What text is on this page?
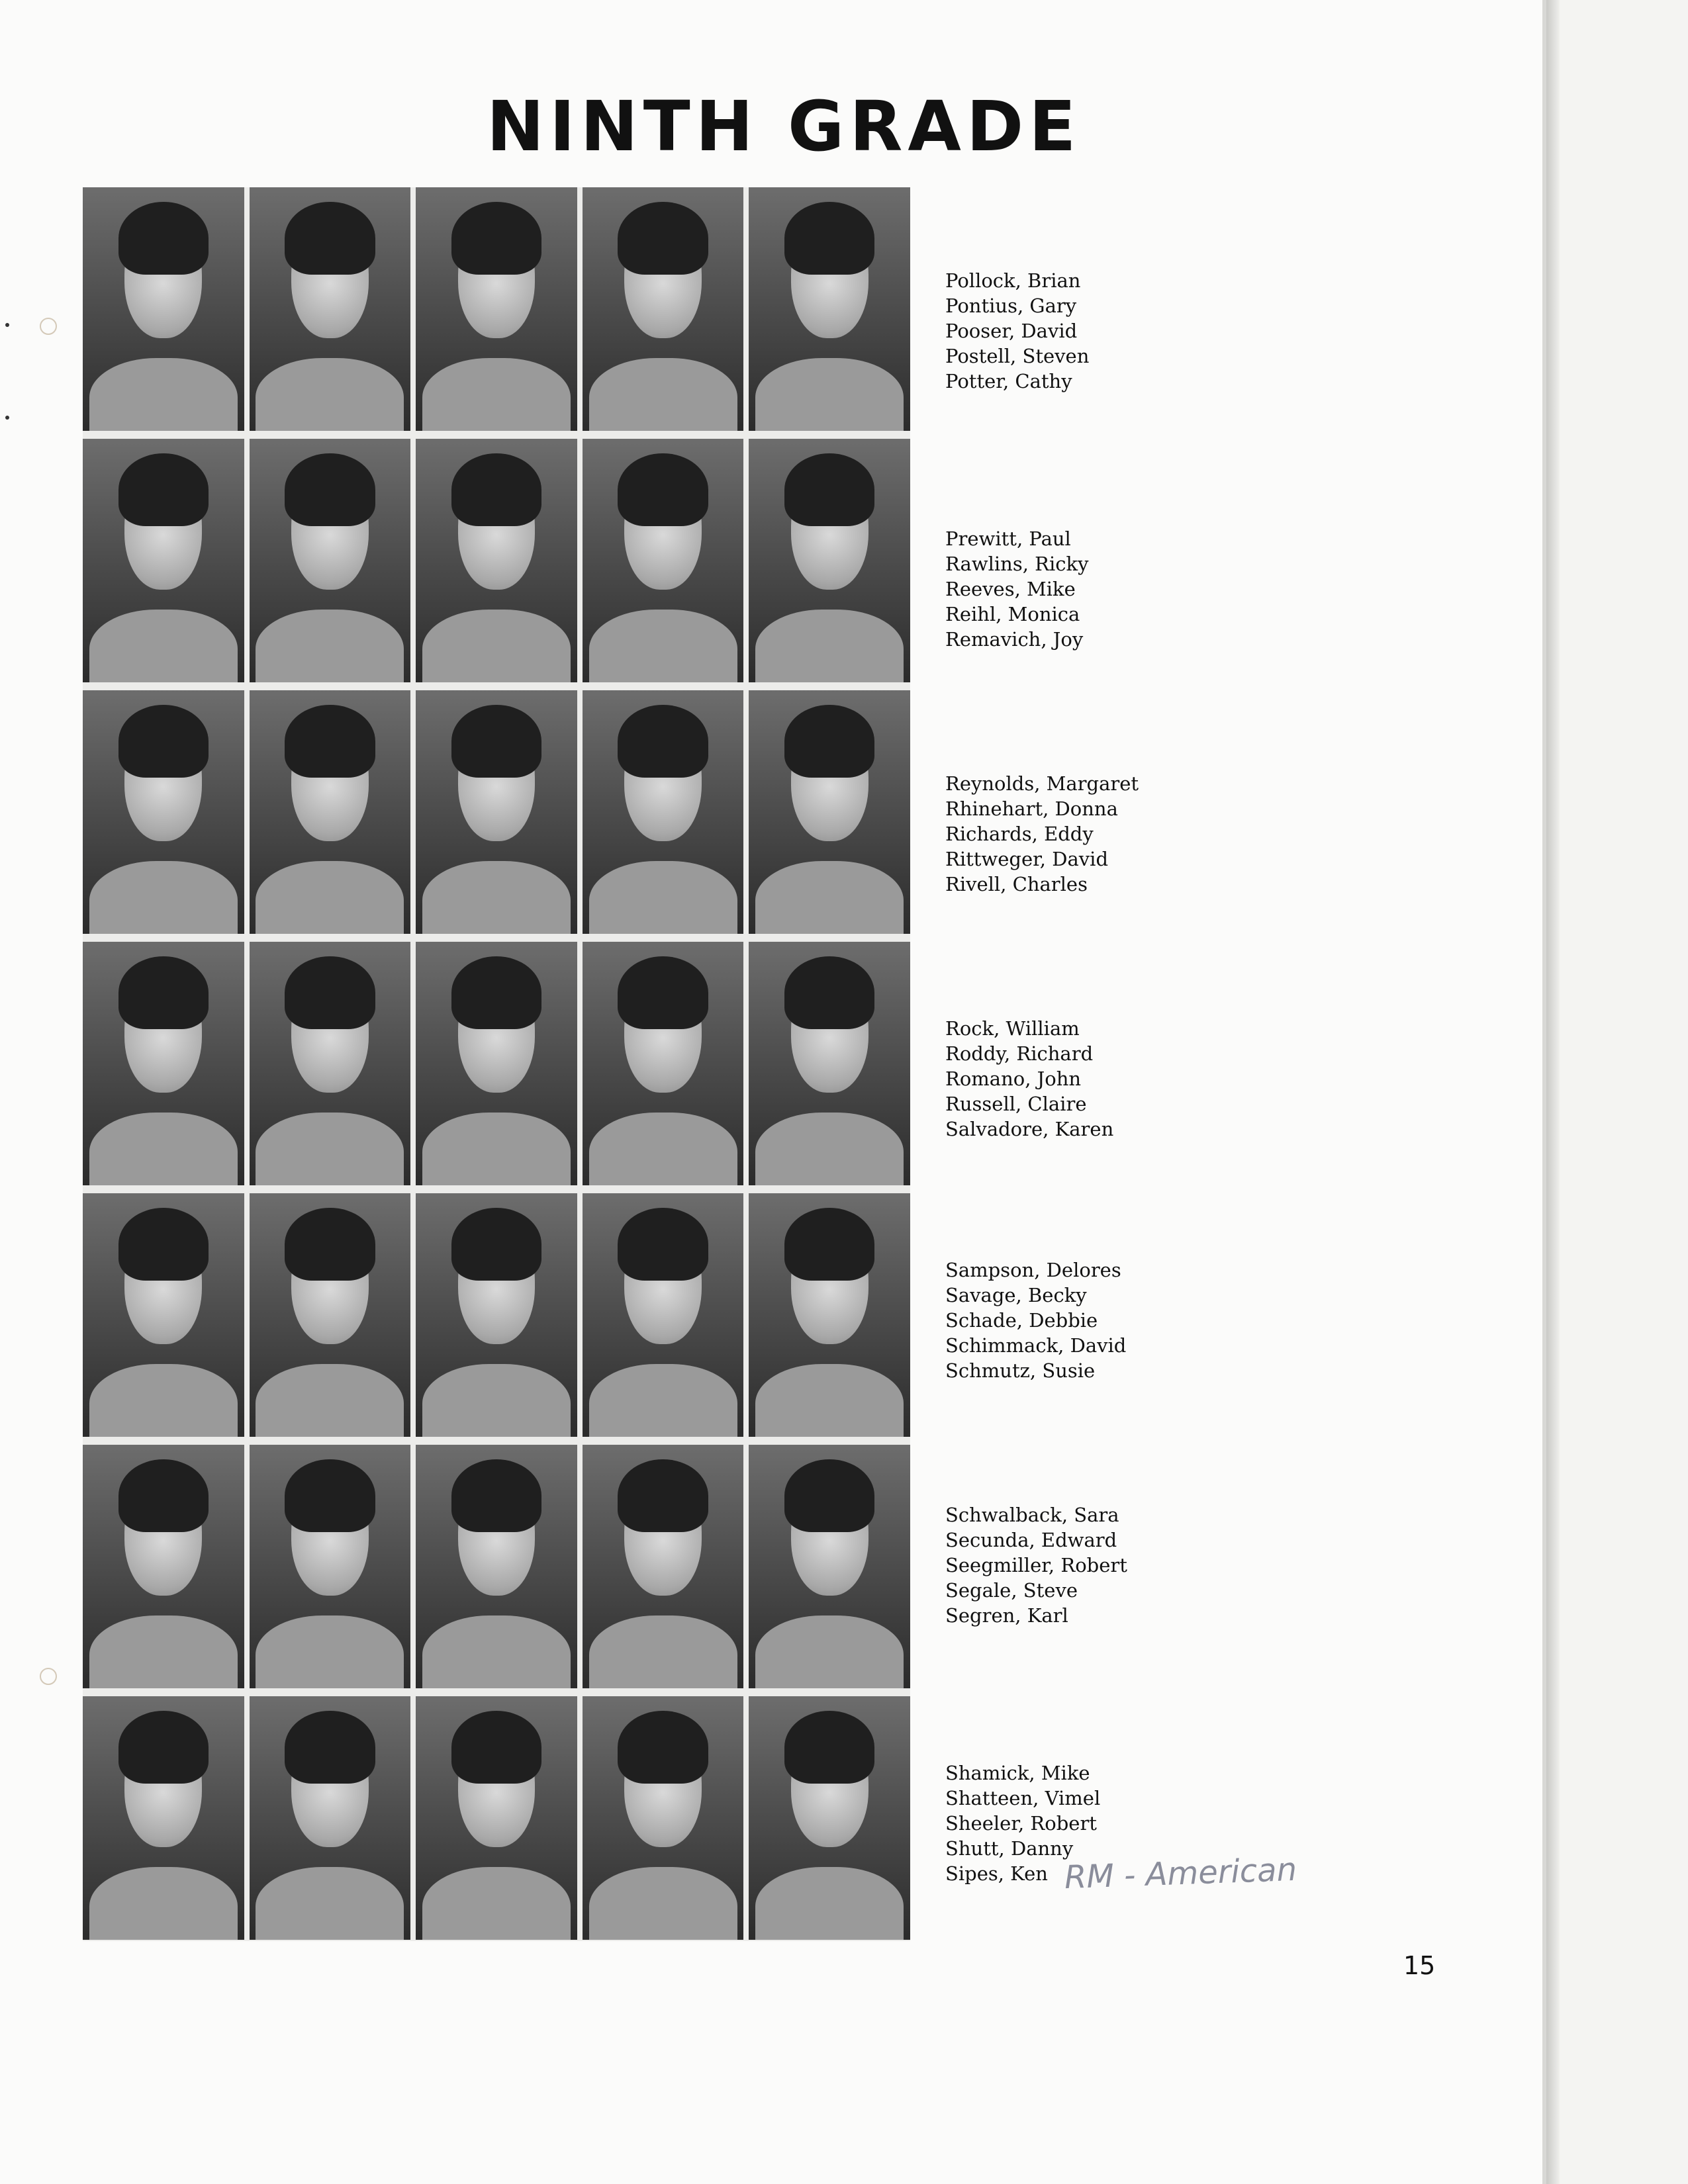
NINTH GRADE
Pollock, Brian
Pontius, Gary
Pooser, David
Postell, Steven
Potter, Cathy
Prewitt, Paul
Rawlins, Ricky
Reeves, Mike
Reihl, Monica
Remavich, Joy
Reynolds, Margaret
Rhinehart, Donna
Richards, Eddy
Rittweger, David
Rivell, Charles
Rock, William
Roddy, Richard
Romano, John
Russell, Claire
Salvadore, Karen
Sampson, Delores
Savage, Becky
Schade, Debbie
Schimmack, David
Schmutz, Susie
Schwalback, Sara
Secunda, Edward
Seegmiller, Robert
Segale, Steve
Segren, Karl
Shamick, Mike
Shatteen, Vimel
Sheeler, Robert
Shutt, Danny
Sipes, Ken RM - American
15
